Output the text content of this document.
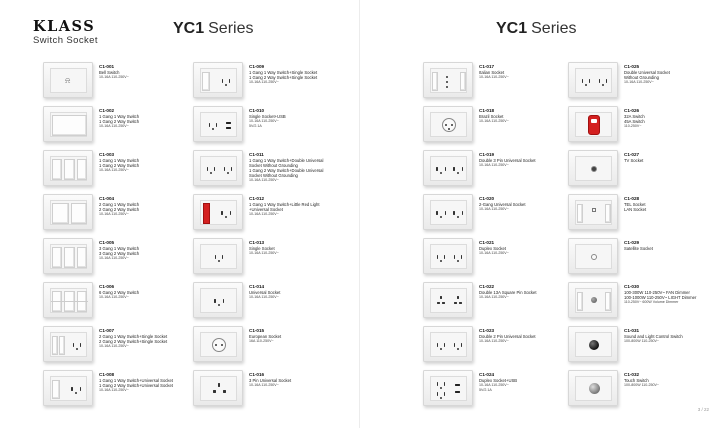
KLASS
Switch Socket
YC1 Series
⍾
C1-001
Bell Switch
10-16A 110-250V~
C1-002
1 Gang 1 Way Switch
1 Gang 2 Way Switch
10-16A 110-250V~
C1-003
1 Gang 1 Way Switch
1 Gang 2 Way Switch
10-16A 110-250V~
C1-004
2 Gang 1 Way Switch
2 Gang 2 Way Switch
10-16A 110-250V~
C1-005
3 Gang 1 Way Switch
3 Gang 2 Way Switch
10-16A 110-250V~
C1-006
6 Gang 2 Way Switch
10-16A 110-250V~
C1-007
2 Gang 1 Way Switch+Single Socket
2 Gang 2 Way Switch+Single Socket
10-16A 110-250V~
C1-008
1 Gang 1 Way Switch+Universal Socket
1 Gang 2 Way Switch+Universal Socket
10-16A 110-250V~
C1-009
1 Gang 1 Way Switch+Single Socket
1 Gang 2 Way Switch+Single Socket
10-16A 110-250V~
C1-010
Single Socket+USB
10-16A 110-250V~
5V/2.1A
C1-011
1 Gang 1 Way Switch+Double Universal
Socket Without Grounding
1 Gang 2 Way Switch+Double Universal
Socket Without Grounding
10-16A 110-250V~
C1-012
1 Gang 1 Way Switch+Little Red Light
+Universal Socket
10-16A 110-250V~
C1-013
Single Socket
10-16A 110-250V~
C1-014
Universal Socket
10-16A 110-250V~
C1-015
European Socket
16A 110-250V~
C1-016
3 Pin Universal Socket
10-16A 110-250V~
YC1 Series
C1-017
Italian Socket
10-16A 110-250V~
C1-018
Brazil Socket
10-16A 110-250V~
C1-019
Double 3 Pin Universal Socket
10-16A 110-250V~
C1-020
2-Gang Universal Socket
10-16A 110-250V~
C1-021
Duplex Socket
10-16A 110-250V~
C1-022
Double 13A Square Pin Socket
10-16A 110-250V~
C1-023
Double 2 Pin Universal Socket
10-16A 110-250V~
C1-024
Duplex Socket+USB
10-16A 110-250V~
5V/2.1A
C1-025
Double Universal Socket
Without Grounding
10-16A 110-250V~
C1-026
32A Switch
45A Switch
110-250V~
C1-027
TV Socket
C1-028
TEL Socket
LAN Socket
C1-029
Satellite Socket
C1-030
100-300W 110-250V~ FAN Dimmer
100-1000W 110-250V~ LIGHT Dimmer
110-250V~ 600W Volume Dimmer
C1-031
Sound and Light Control Switch
100-800W 110-250V~
C1-032
Touch Switch
100-800W 110-250V~
3 / 22
